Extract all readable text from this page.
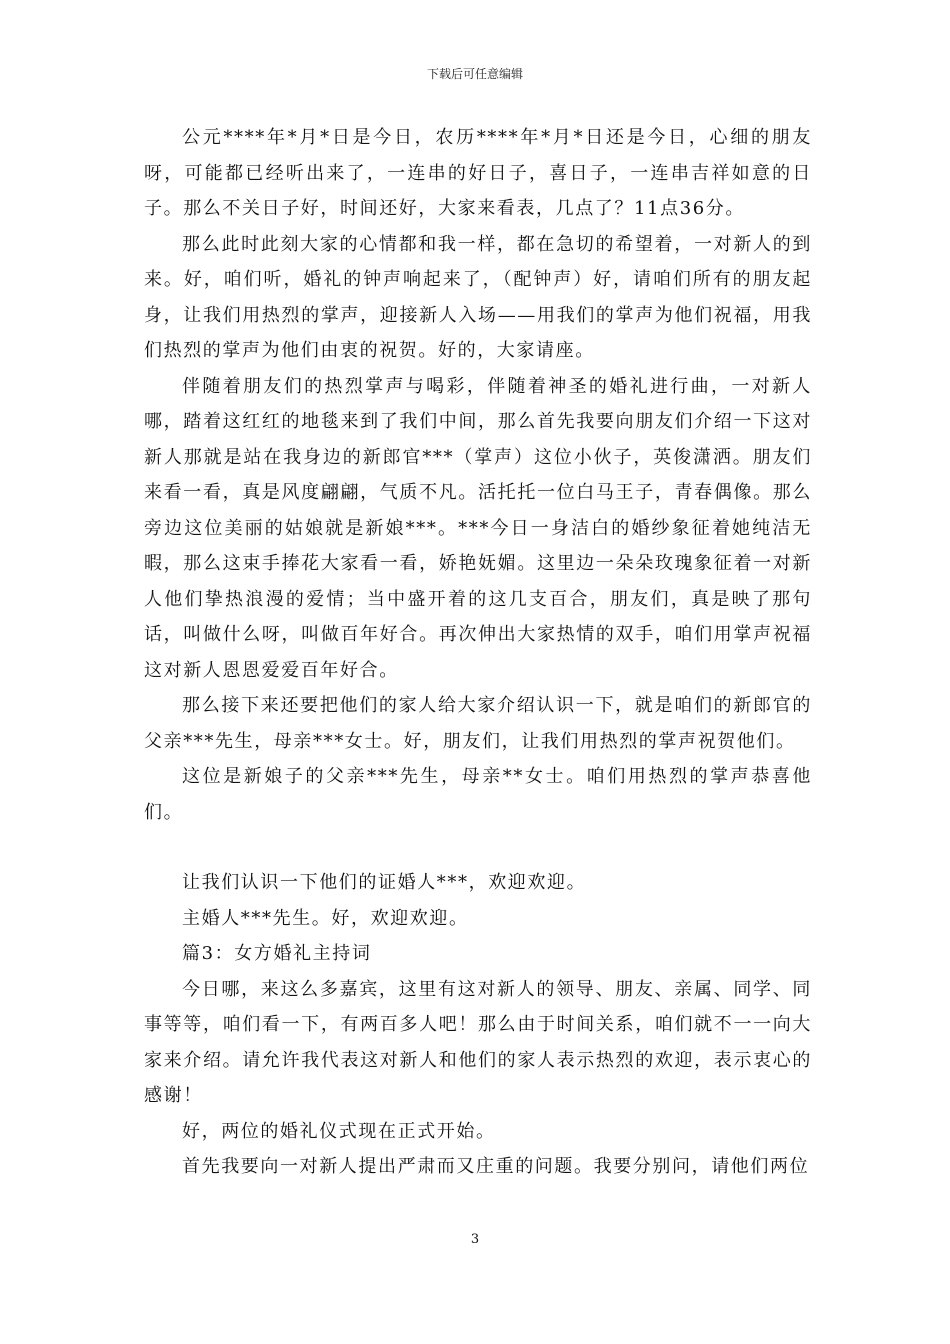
下载后可任意编辑

公元****年*月*日是今日，农历****年*月*日还是今日，心细的朋友呀，可能都已经听出来了，一连串的好日子，喜日子，一连串吉祥如意的日子。那么不关日子好，时间还好，大家来看表，几点了？11点36分。

那么此时此刻大家的心情都和我一样，都在急切的希望着，一对新人的到来。好，咱们听，婚礼的钟声响起来了，（配钟声）好，请咱们所有的朋友起身，让我们用热烈的掌声，迎接新人入场——用我们的掌声为他们祝福，用我们热烈的掌声为他们由衷的祝贺。好的，大家请座。

伴随着朋友们的热烈掌声与喝彩，伴随着神圣的婚礼进行曲，一对新人哪，踏着这红红的地毯来到了我们中间，那么首先我要向朋友们介绍一下这对新人那就是站在我身边的新郎官***（掌声）这位小伙子，英俊潇洒。朋友们来看一看，真是风度翩翩，气质不凡。活托托一位白马王子，青春偶像。那么旁边这位美丽的姑娘就是新娘***。***今日一身洁白的婚纱象征着她纯洁无暇，那么这束手捧花大家看一看，娇艳妩媚。这里边一朵朵玫瑰象征着一对新人他们挚热浪漫的爱情；当中盛开着的这几支百合，朋友们，真是映了那句话，叫做什么呀，叫做百年好合。再次伸出大家热情的双手，咱们用掌声祝福这对新人恩恩爱爱百年好合。

那么接下来还要把他们的家人给大家介绍认识一下，就是咱们的新郎官的父亲***先生，母亲***女士。好，朋友们，让我们用热烈的掌声祝贺他们。

这位是新娘子的父亲***先生，母亲**女士。咱们用热烈的掌声恭喜他们。

让我们认识一下他们的证婚人***，欢迎欢迎。

主婚人***先生。好，欢迎欢迎。

篇3：女方婚礼主持词

今日哪，来这么多嘉宾，这里有这对新人的领导、朋友、亲属、同学、同事等等，咱们看一下，有两百多人吧！那么由于时间关系，咱们就不一一向大家来介绍。请允许我代表这对新人和他们的家人表示热烈的欢迎，表示衷心的感谢！

好，两位的婚礼仪式现在正式开始。

首先我要向一对新人提出严肃而又庄重的问题。我要分别问，请他们两位

3
